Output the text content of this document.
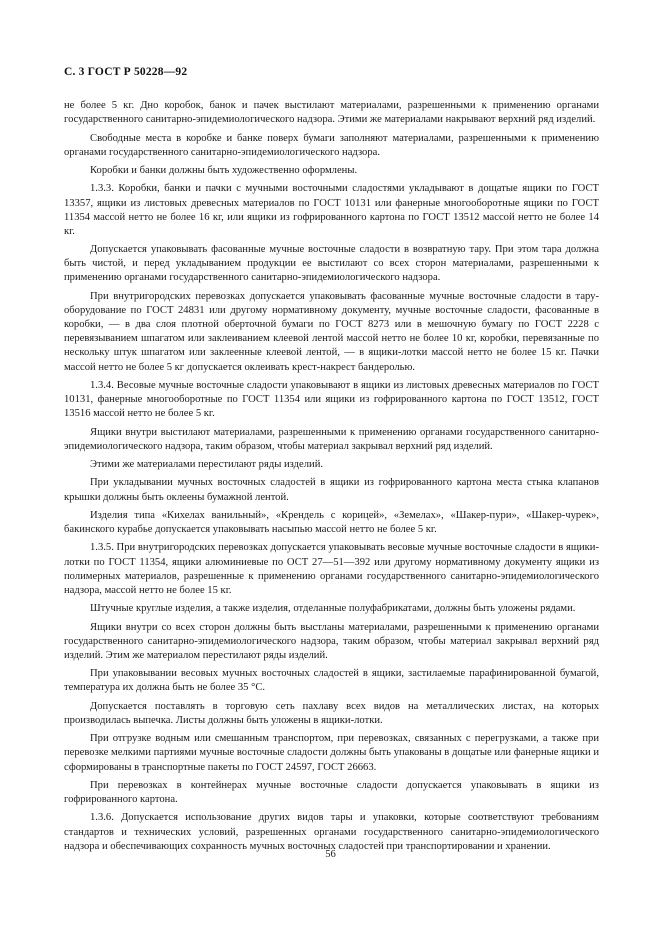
С. 3 ГОСТ Р 50228—92

не более 5 кг. Дно коробок, банок и пачек выстилают материалами, разрешенными к применению органами государственного санитарно-эпидемиологического надзора. Этими же материалами накрывают верхний ряд изделий.

Свободные места в коробке и банке поверх бумаги заполняют материалами, разрешенными к применению органами государственного санитарно-эпидемиологического надзора.

Коробки и банки должны быть художественно оформлены.

1.3.3. Коробки, банки и пачки с мучными восточными сладостями укладывают в дощатые ящики по ГОСТ 13357, ящики из листовых древесных материалов по ГОСТ 10131 или фанерные многооборотные ящики по ГОСТ 11354 массой нетто не более 16 кг, или ящики из гофрированного картона по ГОСТ 13512 массой нетто не более 14 кг.

Допускается упаковывать фасованные мучные восточные сладости в возвратную тару. При этом тара должна быть чистой, и перед укладыванием продукции ее выстилают со всех сторон материалами, разрешенными к применению органами государственного санитарно-эпидемиологического надзора.

При внутригородских перевозках допускается упаковывать фасованные мучные восточные сладости в тару-оборудование по ГОСТ 24831 или другому нормативному документу, мучные восточные сладости, фасованные в коробки, — в два слоя плотной оберточной бумаги по ГОСТ 8273 или в мешочную бумагу по ГОСТ 2228 с перевязыванием шпагатом или заклеиванием клеевой лентой массой нетто не более 10 кг, коробки, перевязанные по нескольку штук шпагатом или заклеенные клеевой лентой, — в ящики-лотки массой нетто не более 15 кг. Пачки массой нетто не более 5 кг допускается оклеивать крест-накрест бандеролью.

1.3.4. Весовые мучные восточные сладости упаковывают в ящики из листовых древесных материалов по ГОСТ 10131, фанерные многооборотные по ГОСТ 11354 или ящики из гофрированного картона по ГОСТ 13512, ГОСТ 13516 массой нетто не более 5 кг.

Ящики внутри выстилают материалами, разрешенными к применению органами государственного санитарно-эпидемиологического надзора, таким образом, чтобы материал закрывал верхний ряд изделий.

Этими же материалами перестилают ряды изделий.

При укладывании мучных восточных сладостей в ящики из гофрированного картона места стыка клапанов крышки должны быть оклеены бумажной лентой.

Изделия типа «Кихелах ванильный», «Крендель с корицей», «Земелах», «Шакер-пури», «Шакер-чурек», бакинского курабье допускается упаковывать насыпью массой нетто не более 5 кг.

1.3.5. При внутригородских перевозках допускается упаковывать весовые мучные восточные сладости в ящики-лотки по ГОСТ 11354, ящики алюминиевые по ОСТ 27—51—392 или другому нормативному документу ящики из полимерных материалов, разрешенные к применению органами государственного санитарно-эпидемиологического надзора, массой нетто не более 15 кг.

Штучные круглые изделия, а также изделия, отделанные полуфабрикатами, должны быть уложены рядами.

Ящики внутри со всех сторон должны быть выстланы материалами, разрешенными к применению органами государственного санитарно-эпидемиологического надзора, таким образом, чтобы материал закрывал верхний ряд изделий. Этим же материалом перестилают ряды изделий.

При упаковывании весовых мучных восточных сладостей в ящики, застилаемые парафинированной бумагой, температура их должна быть не более 35 °С.

Допускается поставлять в торговую сеть пахлаву всех видов на металлических листах, на которых производилась выпечка. Листы должны быть уложены в ящики-лотки.

При отгрузке водным или смешанным транспортом, при перевозках, связанных с перегрузками, а также при перевозке мелкими партиями мучные восточные сладости должны быть упакованы в дощатые или фанерные ящики и сформированы в транспортные пакеты по ГОСТ 24597, ГОСТ 26663.

При перевозках в контейнерах мучные восточные сладости допускается упаковывать в ящики из гофрированного картона.

1.3.6. Допускается использование других видов тары и упаковки, которые соответствуют требованиям стандартов и технических условий, разрешенных органами государственного санитарно-эпидемиологического надзора и обеспечивающих сохранность мучных восточных сладостей при транспортировании и хранении.

56
